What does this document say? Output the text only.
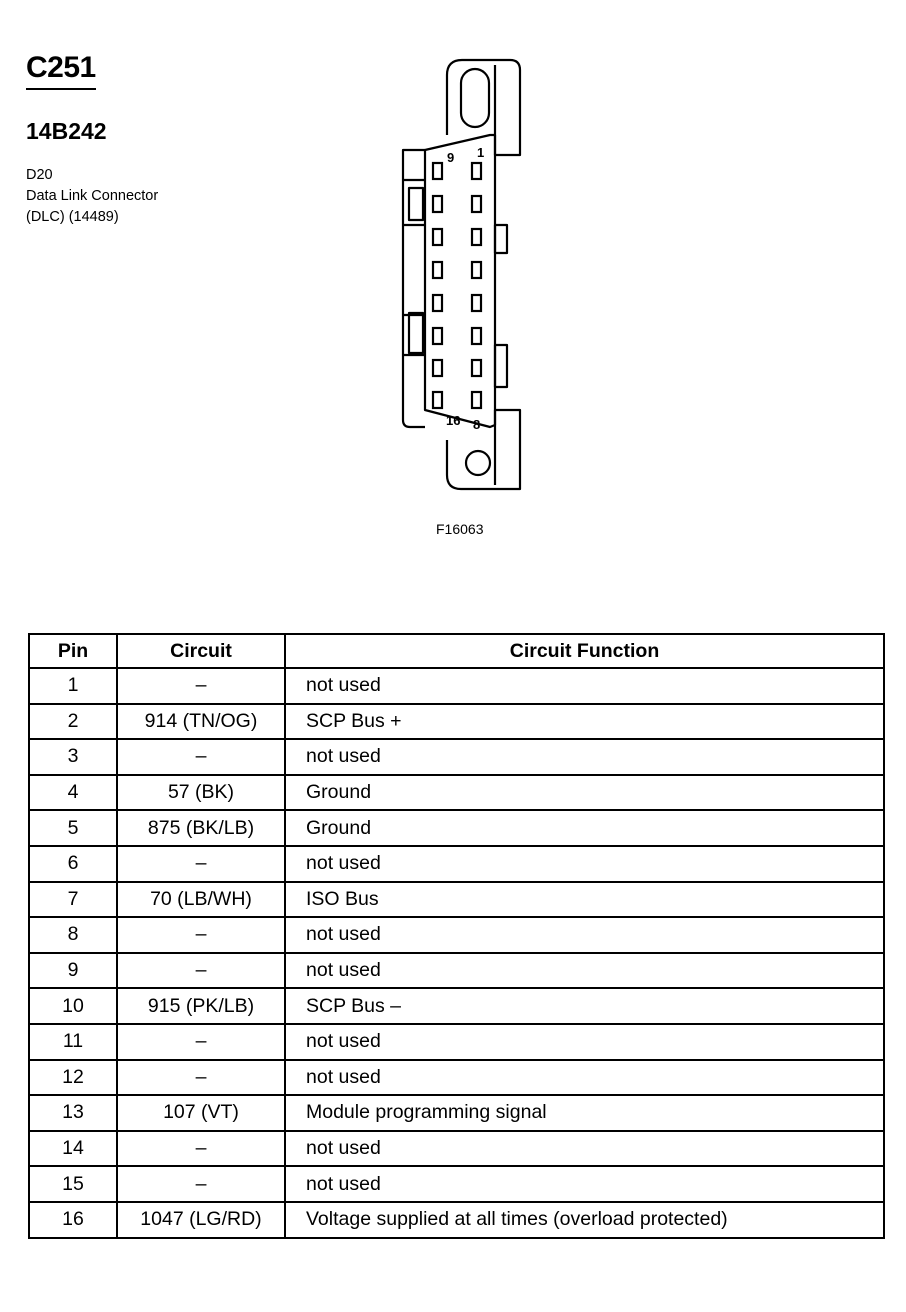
C251
14B242
D20
Data Link Connector
(DLC) (14489)
9 1
16 8
F16063
Pin	Circuit	Circuit Function
1	–	not used
2	914 (TN/OG)	SCP Bus +
3	–	not used
4	57 (BK)	Ground
5	875 (BK/LB)	Ground
6	–	not used
7	70 (LB/WH)	ISO Bus
8	–	not used
9	–	not used
10	915 (PK/LB)	SCP Bus –
11	–	not used
12	–	not used
13	107 (VT)	Module programming signal
14	–	not used
15	–	not used
16	1047 (LG/RD)	Voltage supplied at all times (overload protected)
